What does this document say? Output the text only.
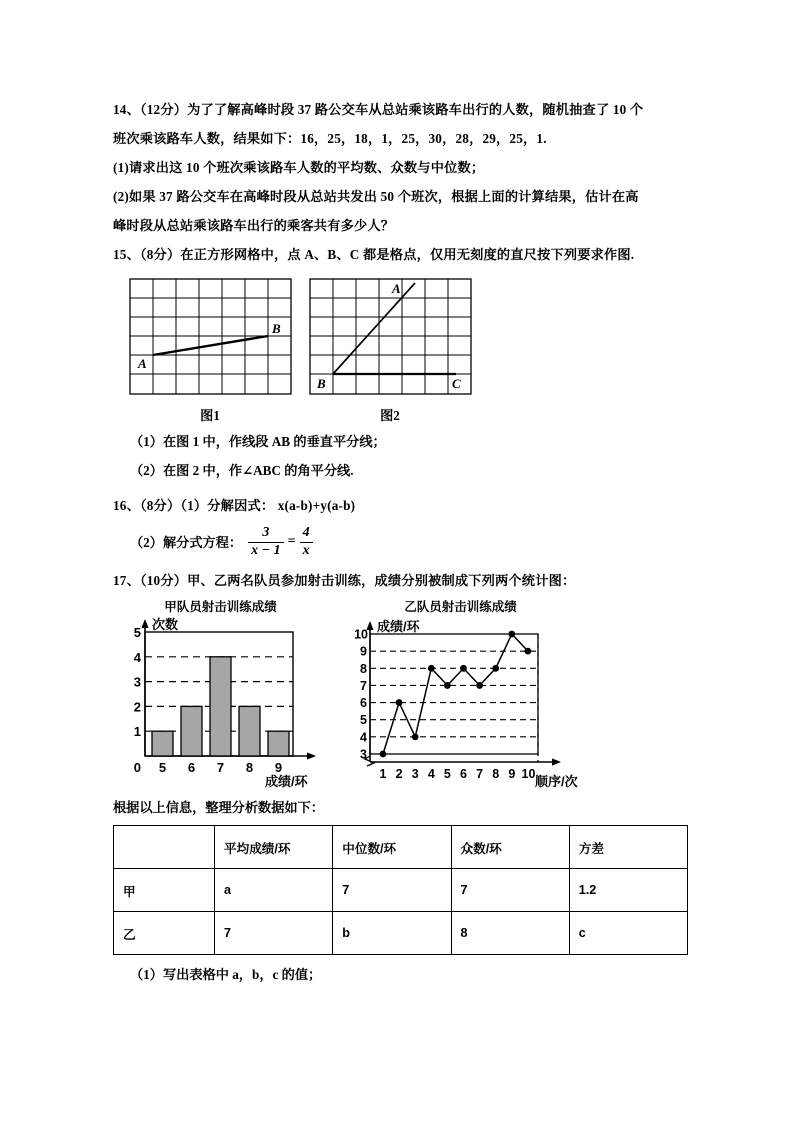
14、（12分）为了了解高峰时段 37 路公交车从总站乘该路车出行的人数，随机抽查了 10 个
班次乘该路车人数，结果如下：16，25，18，1，25，30，28，29，25，1.
(1)请求出这 10 个班次乘该路车人数的平均数、众数与中位数；
(2)如果 37 路公交车在高峰时段从总站共发出 50 个班次，根据上面的计算结果，估计在高
峰时段从总站乘该路车出行的乘客共有多少人？
15、（8分）在正方形网格中，点 A、B、C 都是格点，仅用无刻度的直尺按下列要求作图.
A
B
图1
B	C
A
图2
（1）在图 1 中，作线段 AB 的垂直平分线；
（2）在图 2 中，作∠ABC 的角平分线.
16、（8分）（1）分解因式： x(a-b)+y(a-b)
（2）解分式方程： $\frac{3}{x - 1} = \frac{4}{x}$
17、（10分）甲、乙两名队员参加射击训练，成绩分别被制成下列两个统计图：
甲队员射击训练成绩
0
1
2
3
4
5
5 6 7 8 9
次数
成绩/环
乙队员射击训练成绩
3
4
5
6
7
8
9
10
1 2 3 4 5 6 7 8 9 10
成绩/环
顺序/次
根据以上信息，整理分析数据如下：
	平均成绩/环	中位数/环	众数/环	方差
甲	a	7	7	1.2
乙	7	b	8	c
（1）写出表格中 a，b，c 的值；
